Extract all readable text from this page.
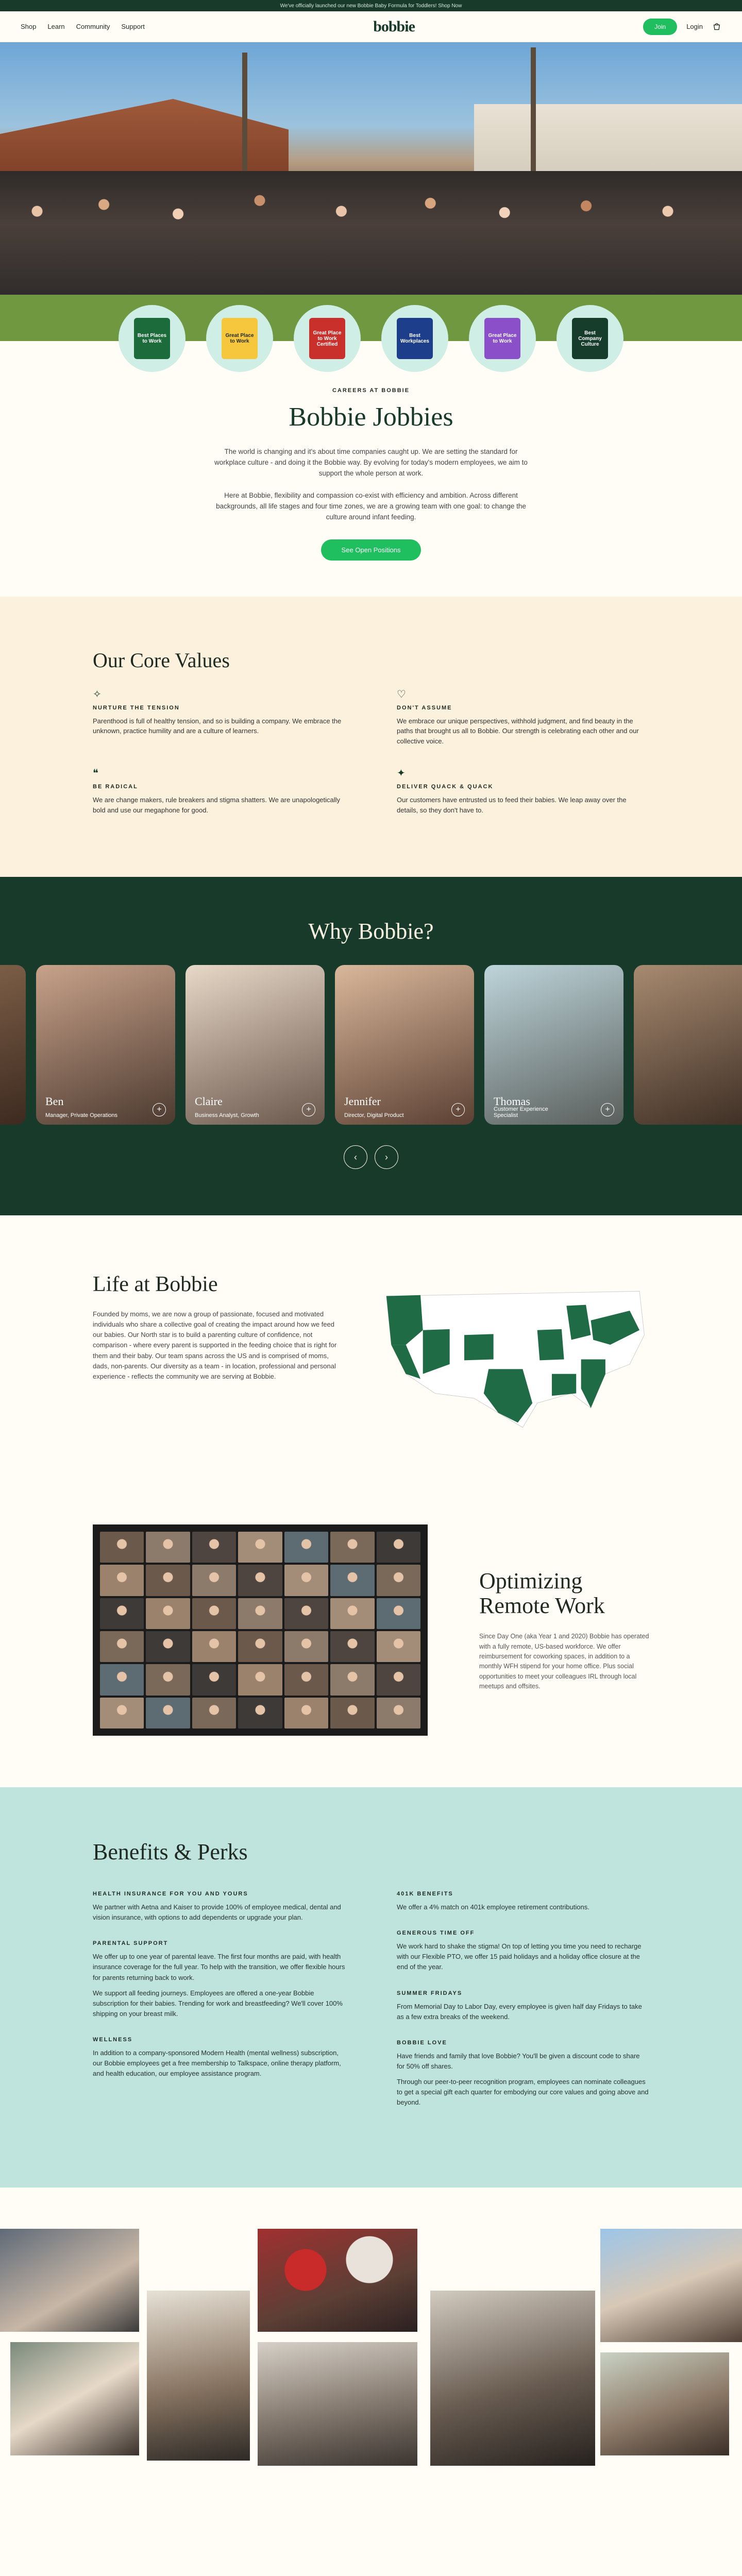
We've officially launched our new Bobbie Baby Formula for Toddlers! Shop Now
Shop Learn Community Support	bobbie	Join	Login
Best Places to Work
Great Place to Work
Great Place to Work Certified
Best Workplaces
Great Place to Work
Best Company Culture
CAREERS AT BOBBIE
Bobbie Jobbies

The world is changing and it's about time companies caught up. We are setting the standard for workplace culture - and doing it the Bobbie way. By evolving for today's modern employees, we aim to support the whole person at work.

Here at Bobbie, flexibility and compassion co-exist with efficiency and ambition. Across different backgrounds, all life stages and four time zones, we are a growing team with one goal: to change the culture around infant feeding.

See Open Positions
Our Core Values
✧
NURTURE THE TENSION

Parenthood is full of healthy tension, and so is building a company. We embrace the unknown, practice humility and are a culture of learners.

♡
DON'T ASSUME

We embrace our unique perspectives, withhold judgment, and find beauty in the paths that brought us all to Bobbie. Our strength is celebrating each other and our collective voice.

❝
BE RADICAL

We are change makers, rule breakers and stigma shatters. We are unapologetically bold and use our megaphone for good.

✦
DELIVER QUACK & QUACK

Our customers have entrusted us to feed their babies. We leap away over the details, so they don't have to.

Why Bobbie?
Ben
Manager, Private Operations
+
Claire
Business Analyst, Growth
+
Jennifer
Director, Digital Product
+
Thomas
Customer Experience Specialist
+
‹	›
Life at Bobbie

Founded by moms, we are now a group of passionate, focused and motivated individuals who share a collective goal of creating the impact around how we feed our babies. Our North star is to build a parenting culture of confidence, not comparison - where every parent is supported in the feeding choice that is right for them and their baby. Our team spans across the US and is comprised of moms, dads, non-parents. Our diversity as a team - in location, professional and personal experience - reflects the community we are serving at Bobbie.

Optimizing
Remote Work

Since Day One (aka Year 1 and 2020) Bobbie has operated with a fully remote, US-based workforce. We offer reimbursement for coworking spaces, in addition to a monthly WFH stipend for your home office. Plus social opportunities to meet your colleagues IRL through local meetups and offsites.

Benefits & Perks
HEALTH INSURANCE FOR YOU AND YOURS

We partner with Aetna and Kaiser to provide 100% of employee medical, dental and vision insurance, with options to add dependents or upgrade your plan.

PARENTAL SUPPORT

We offer up to one year of parental leave. The first four months are paid, with health insurance coverage for the full year. To help with the transition, we offer flexible hours for parents returning back to work.

We support all feeding journeys. Employees are offered a one-year Bobbie subscription for their babies. Trending for work and breastfeeding? We'll cover 100% shipping on your breast milk.

WELLNESS

In addition to a company-sponsored Modern Health (mental wellness) subscription, our Bobbie employees get a free membership to Talkspace, online therapy platform, and health education, our employee assistance program.

401K BENEFITS

We offer a 4% match on 401k employee retirement contributions.

GENEROUS TIME OFF

We work hard to shake the stigma! On top of letting you time you need to recharge with our Flexible PTO, we offer 15 paid holidays and a holiday office closure at the end of the year.

SUMMER FRIDAYS

From Memorial Day to Labor Day, every employee is given half day Fridays to take as a few extra breaks of the weekend.

BOBBIE LOVE

Have friends and family that love Bobbie? You'll be given a discount code to share for 50% off shares.

Through our peer-to-peer recognition program, employees can nominate colleagues to get a special gift each quarter for embodying our core values and going above and beyond.
